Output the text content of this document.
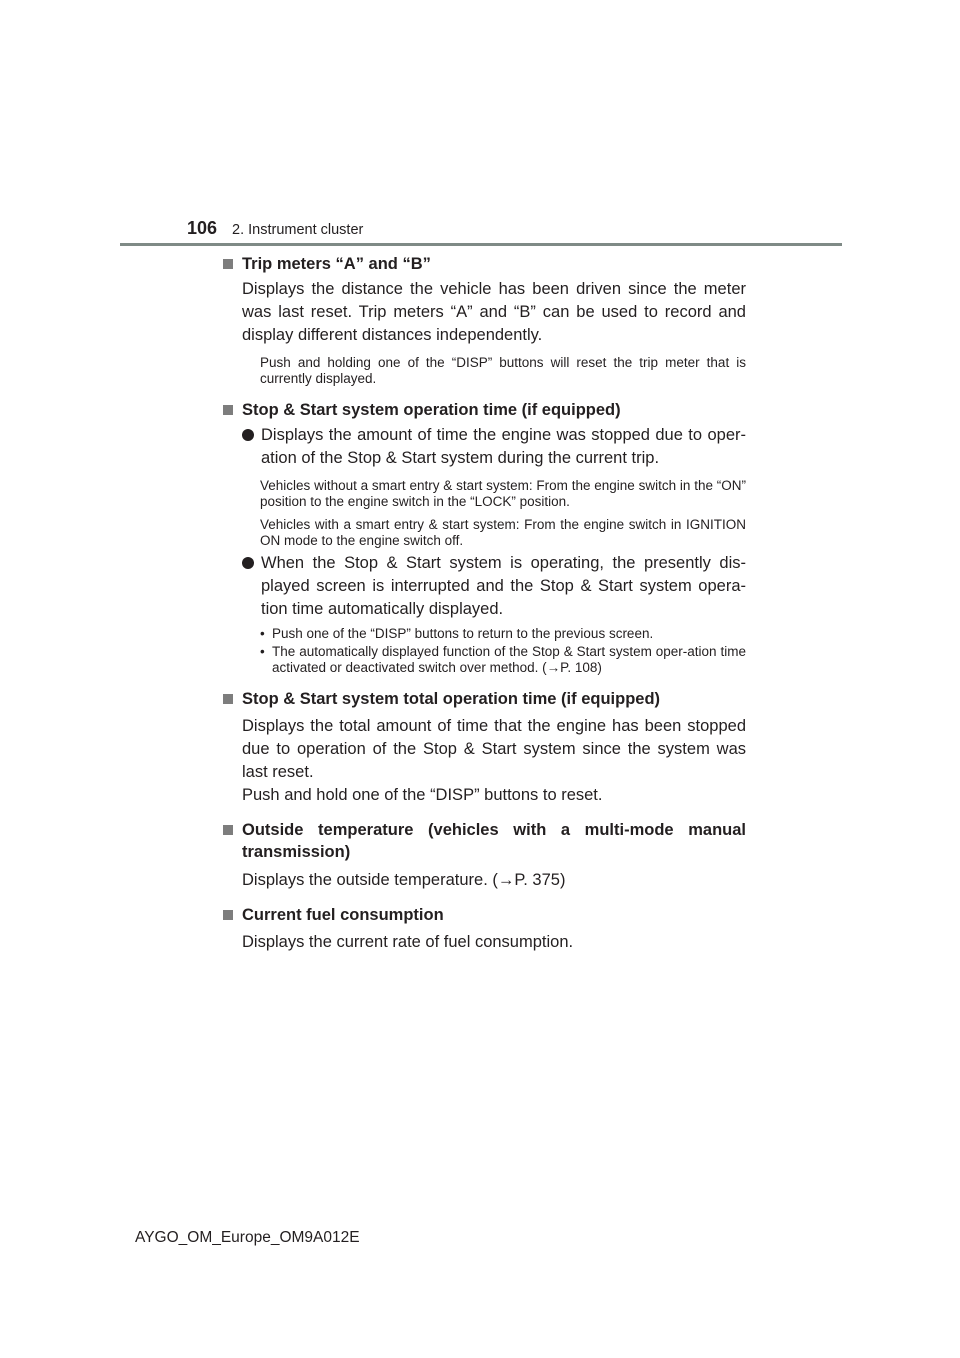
106 2. Instrument cluster
Trip meters “A” and “B”
Displays the distance the vehicle has been driven since the meter was last reset. Trip meters “A” and “B” can be used to record and display different distances independently.
Push and holding one of the “DISP” buttons will reset the trip meter that is currently displayed.
Stop & Start system operation time (if equipped)
Displays the amount of time the engine was stopped due to oper-ation of the Stop & Start system during the current trip.
Vehicles without a smart entry & start system: From the engine switch in the “ON” position to the engine switch in the “LOCK” position.
Vehicles with a smart entry & start system: From the engine switch in IGNITION ON mode to the engine switch off.
When the Stop & Start system is operating, the presently dis-played screen is interrupted and the Stop & Start system opera-tion time automatically displayed.
• Push one of the “DISP” buttons to return to the previous screen.
• The automatically displayed function of the Stop & Start system oper-ation time activated or deactivated switch over method. (→P. 108)
Stop & Start system total operation time (if equipped)
Displays the total amount of time that the engine has been stopped due to operation of the Stop & Start system since the system was last reset.
Push and hold one of the “DISP” buttons to reset.
Outside temperature (vehicles with a multi-mode manual transmission)
Displays the outside temperature. (→P. 375)
Current fuel consumption
Displays the current rate of fuel consumption.
AYGO_OM_Europe_OM9A012E
